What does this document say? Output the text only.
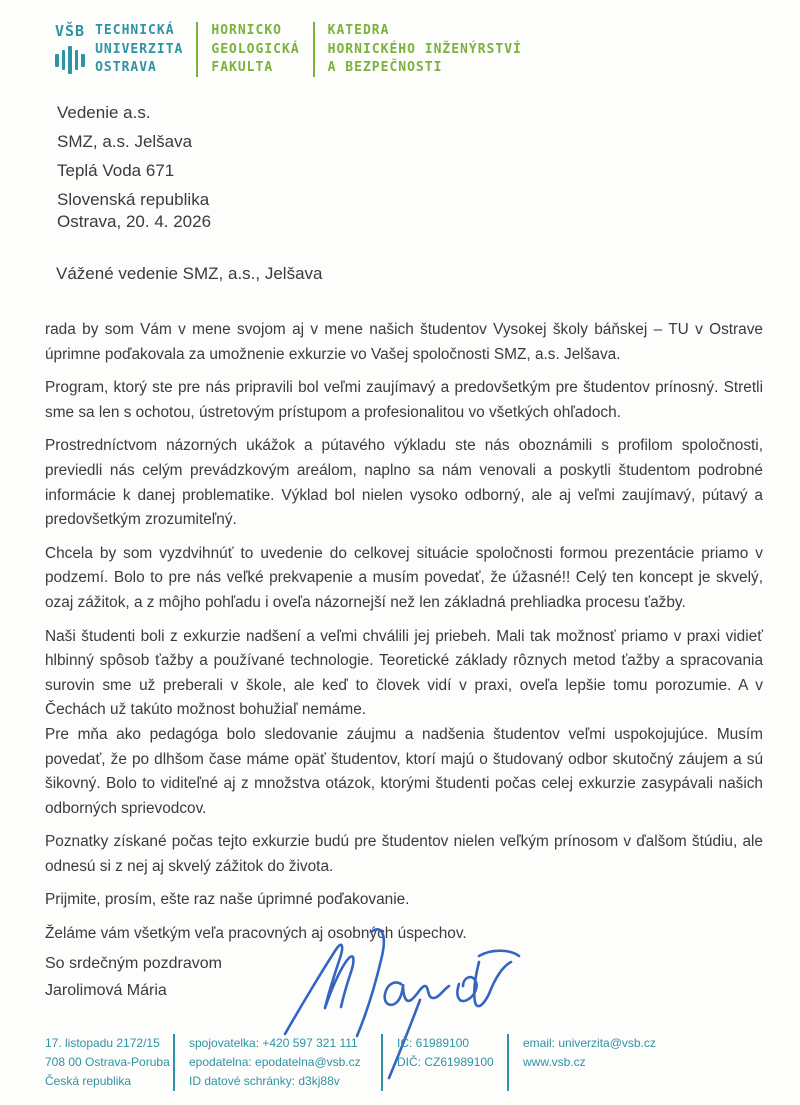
VŠB TECHNICKÁ
UNIVERZITA
OSTRAVA
HORNICKO
GEOLOGICKÁ
FAKULTA
KATEDRA
HORNICKÉHO INŽENÝRSTVÍ
A BEZPEČNOSTI
Vedenie a.s.
SMZ, a.s. Jelšava
Teplá Voda 671
Slovenská republika
Ostrava, 20. 4. 2026
Vážené vedenie SMZ, a.s., Jelšava

rada by som Vám v mene svojom aj v mene našich študentov Vysokej školy báňskej – TU v Ostrave úprimne poďakovala za umožnenie exkurzie vo Vašej spoločnosti SMZ, a.s. Jelšava.

Program, ktorý ste pre nás pripravili bol veľmi zaujímavý a predovšetkým pre študentov prínosný. Stretli sme sa len s ochotou, ústretovým prístupom a profesionalitou vo všetkých ohľadoch.

Prostredníctvom názorných ukážok a pútavého výkladu ste nás oboznámili s profilom spoločnosti, previedli nás celým prevádzkovým areálom, naplno sa nám venovali a poskytli študentom podrobné informácie k danej problematike. Výklad bol nielen vysoko odborný, ale aj veľmi zaujímavý, pútavý a predovšetkým zrozumiteľný.

Chcela by som vyzdvihnúť to uvedenie do celkovej situácie spoločnosti formou prezentácie priamo v podzemí. Bolo to pre nás veľké prekvapenie a musím povedať, že úžasné!! Celý ten koncept je skvelý, ozaj zážitok, a z môjho pohľadu i oveľa názornejší než len základná prehliadka procesu ťažby.

Naši študenti boli z exkurzie nadšení a veľmi chválili jej priebeh. Mali tak možnosť priamo v praxi vidieť hlbinný spôsob ťažby a používané technologie. Teoretické základy rôznych metod ťažby a spracovania surovin sme už preberali v škole, ale keď to človek vidí v praxi, oveľa lepšie tomu porozumie. A v Čechách už takúto možnost bohužiaľ nemáme.

Pre mňa ako pedagóga bolo sledovanie záujmu a nadšenia študentov veľmi uspokojujúce. Musím povedať, že po dlhšom čase máme opäť študentov, ktorí majú o študovaný odbor skutočný záujem a sú šikovný. Bolo to viditeľné aj z množstva otázok, ktorými študenti počas celej exkurzie zasypávali našich odborných sprievodcov.

Poznatky získané počas tejto exkurzie budú pre študentov nielen veľkým prínosom v ďalšom štúdiu, ale odnesú si z nej aj skvelý zážitok do života.

Prijmite, prosím, ešte raz naše úprimné poďakovanie.

Želáme vám všetkým veľa pracovných aj osobných úspechov.

So srdečným pozdravom
Jarolimová Mária
17. listopadu 2172/15
708 00 Ostrava-Poruba
Česká republika
spojovatelka: +420 597 321 111
epodatelna: epodatelna@vsb.cz
ID datové schránky: d3kj88v
IČ: 61989100
DIČ: CZ61989100
email: univerzita@vsb.cz
www.vsb.cz
